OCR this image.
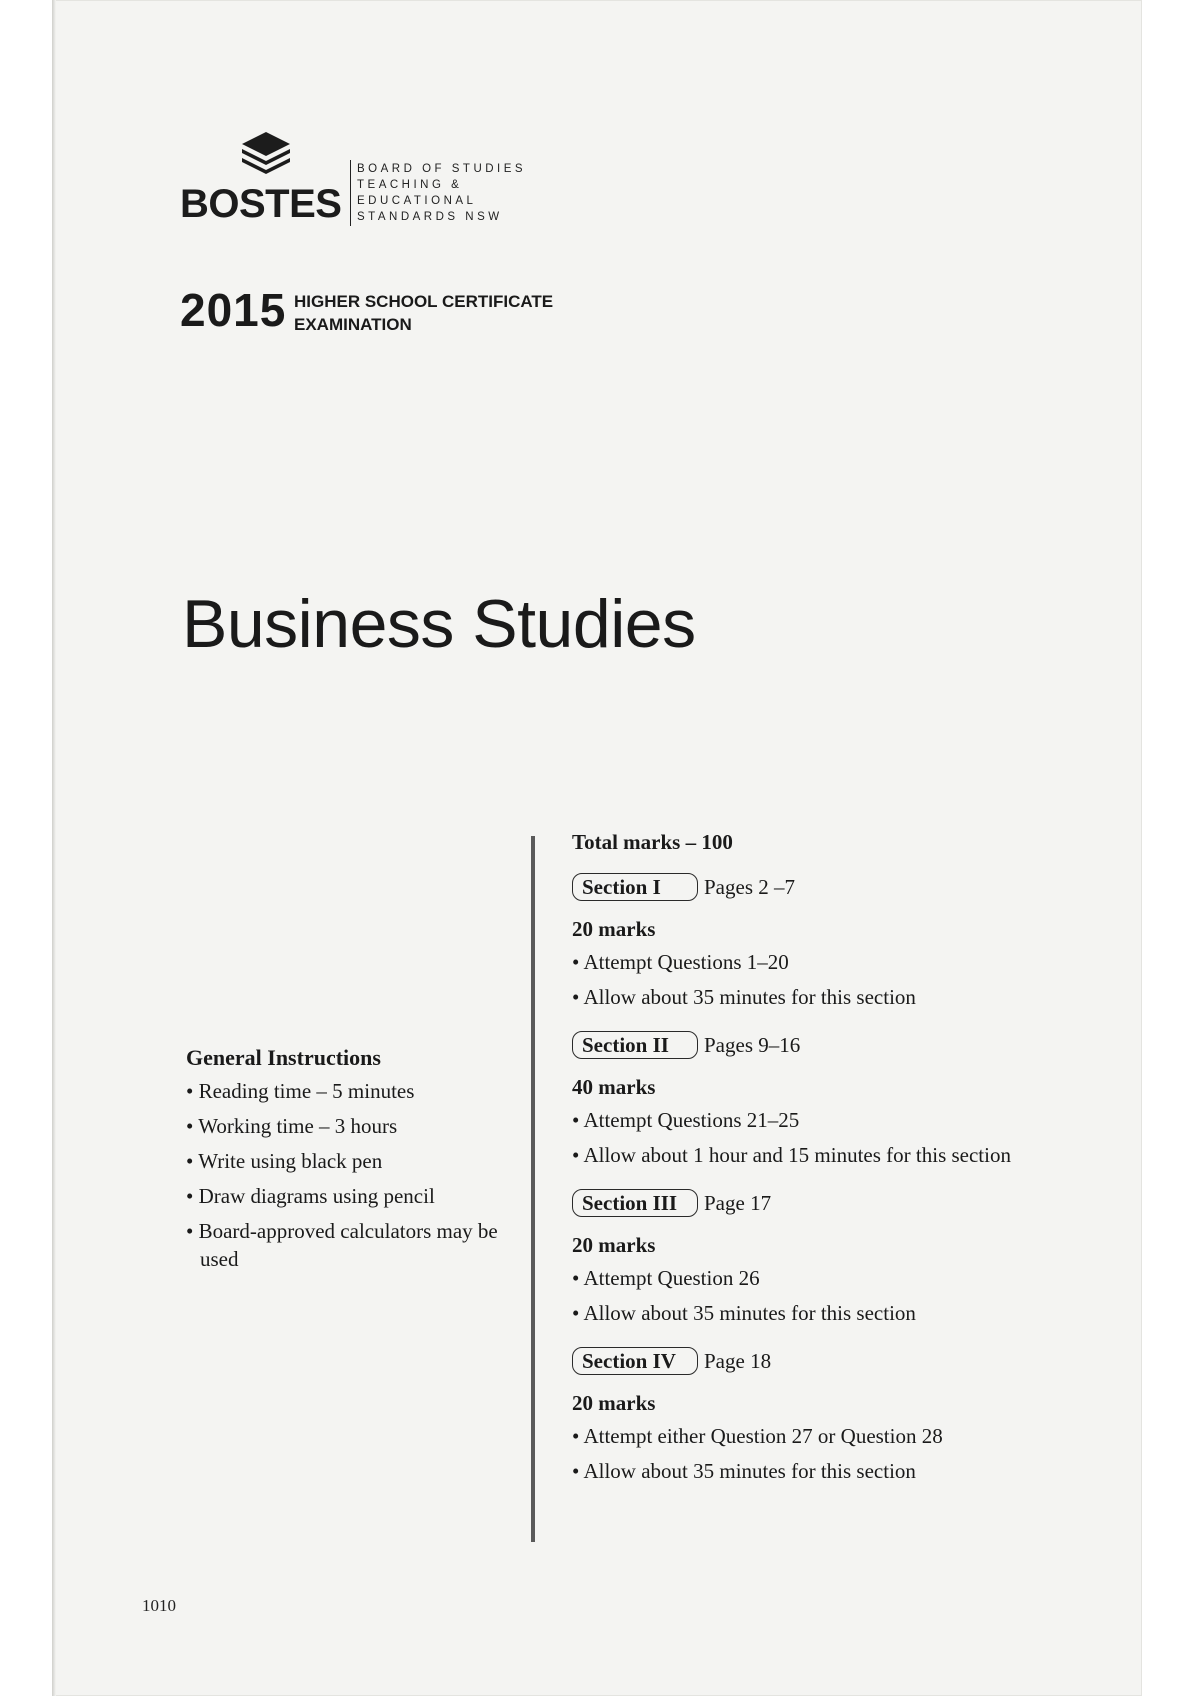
BOSTES
BOARD OF STUDIES
TEACHING &
EDUCATIONAL
STANDARDS NSW
2015 HIGHER SCHOOL CERTIFICATE
EXAMINATION
Business Studies
General Instructions
• Reading time – 5 minutes
• Working time – 3 hours
• Write using black pen
• Draw diagrams using pencil
• Board-approved calculators may be used
Total marks – 100
Section I	Pages 2 –7
20 marks
• Attempt Questions 1–20
• Allow about 35 minutes for this section
Section II	Pages 9–16
40 marks
• Attempt Questions 21–25
• Allow about 1 hour and 15 minutes for this section
Section III	Page 17
20 marks
• Attempt Question 26
• Allow about 35 minutes for this section
Section IV	Page 18
20 marks
• Attempt either Question 27 or Question 28
• Allow about 35 minutes for this section
1010
